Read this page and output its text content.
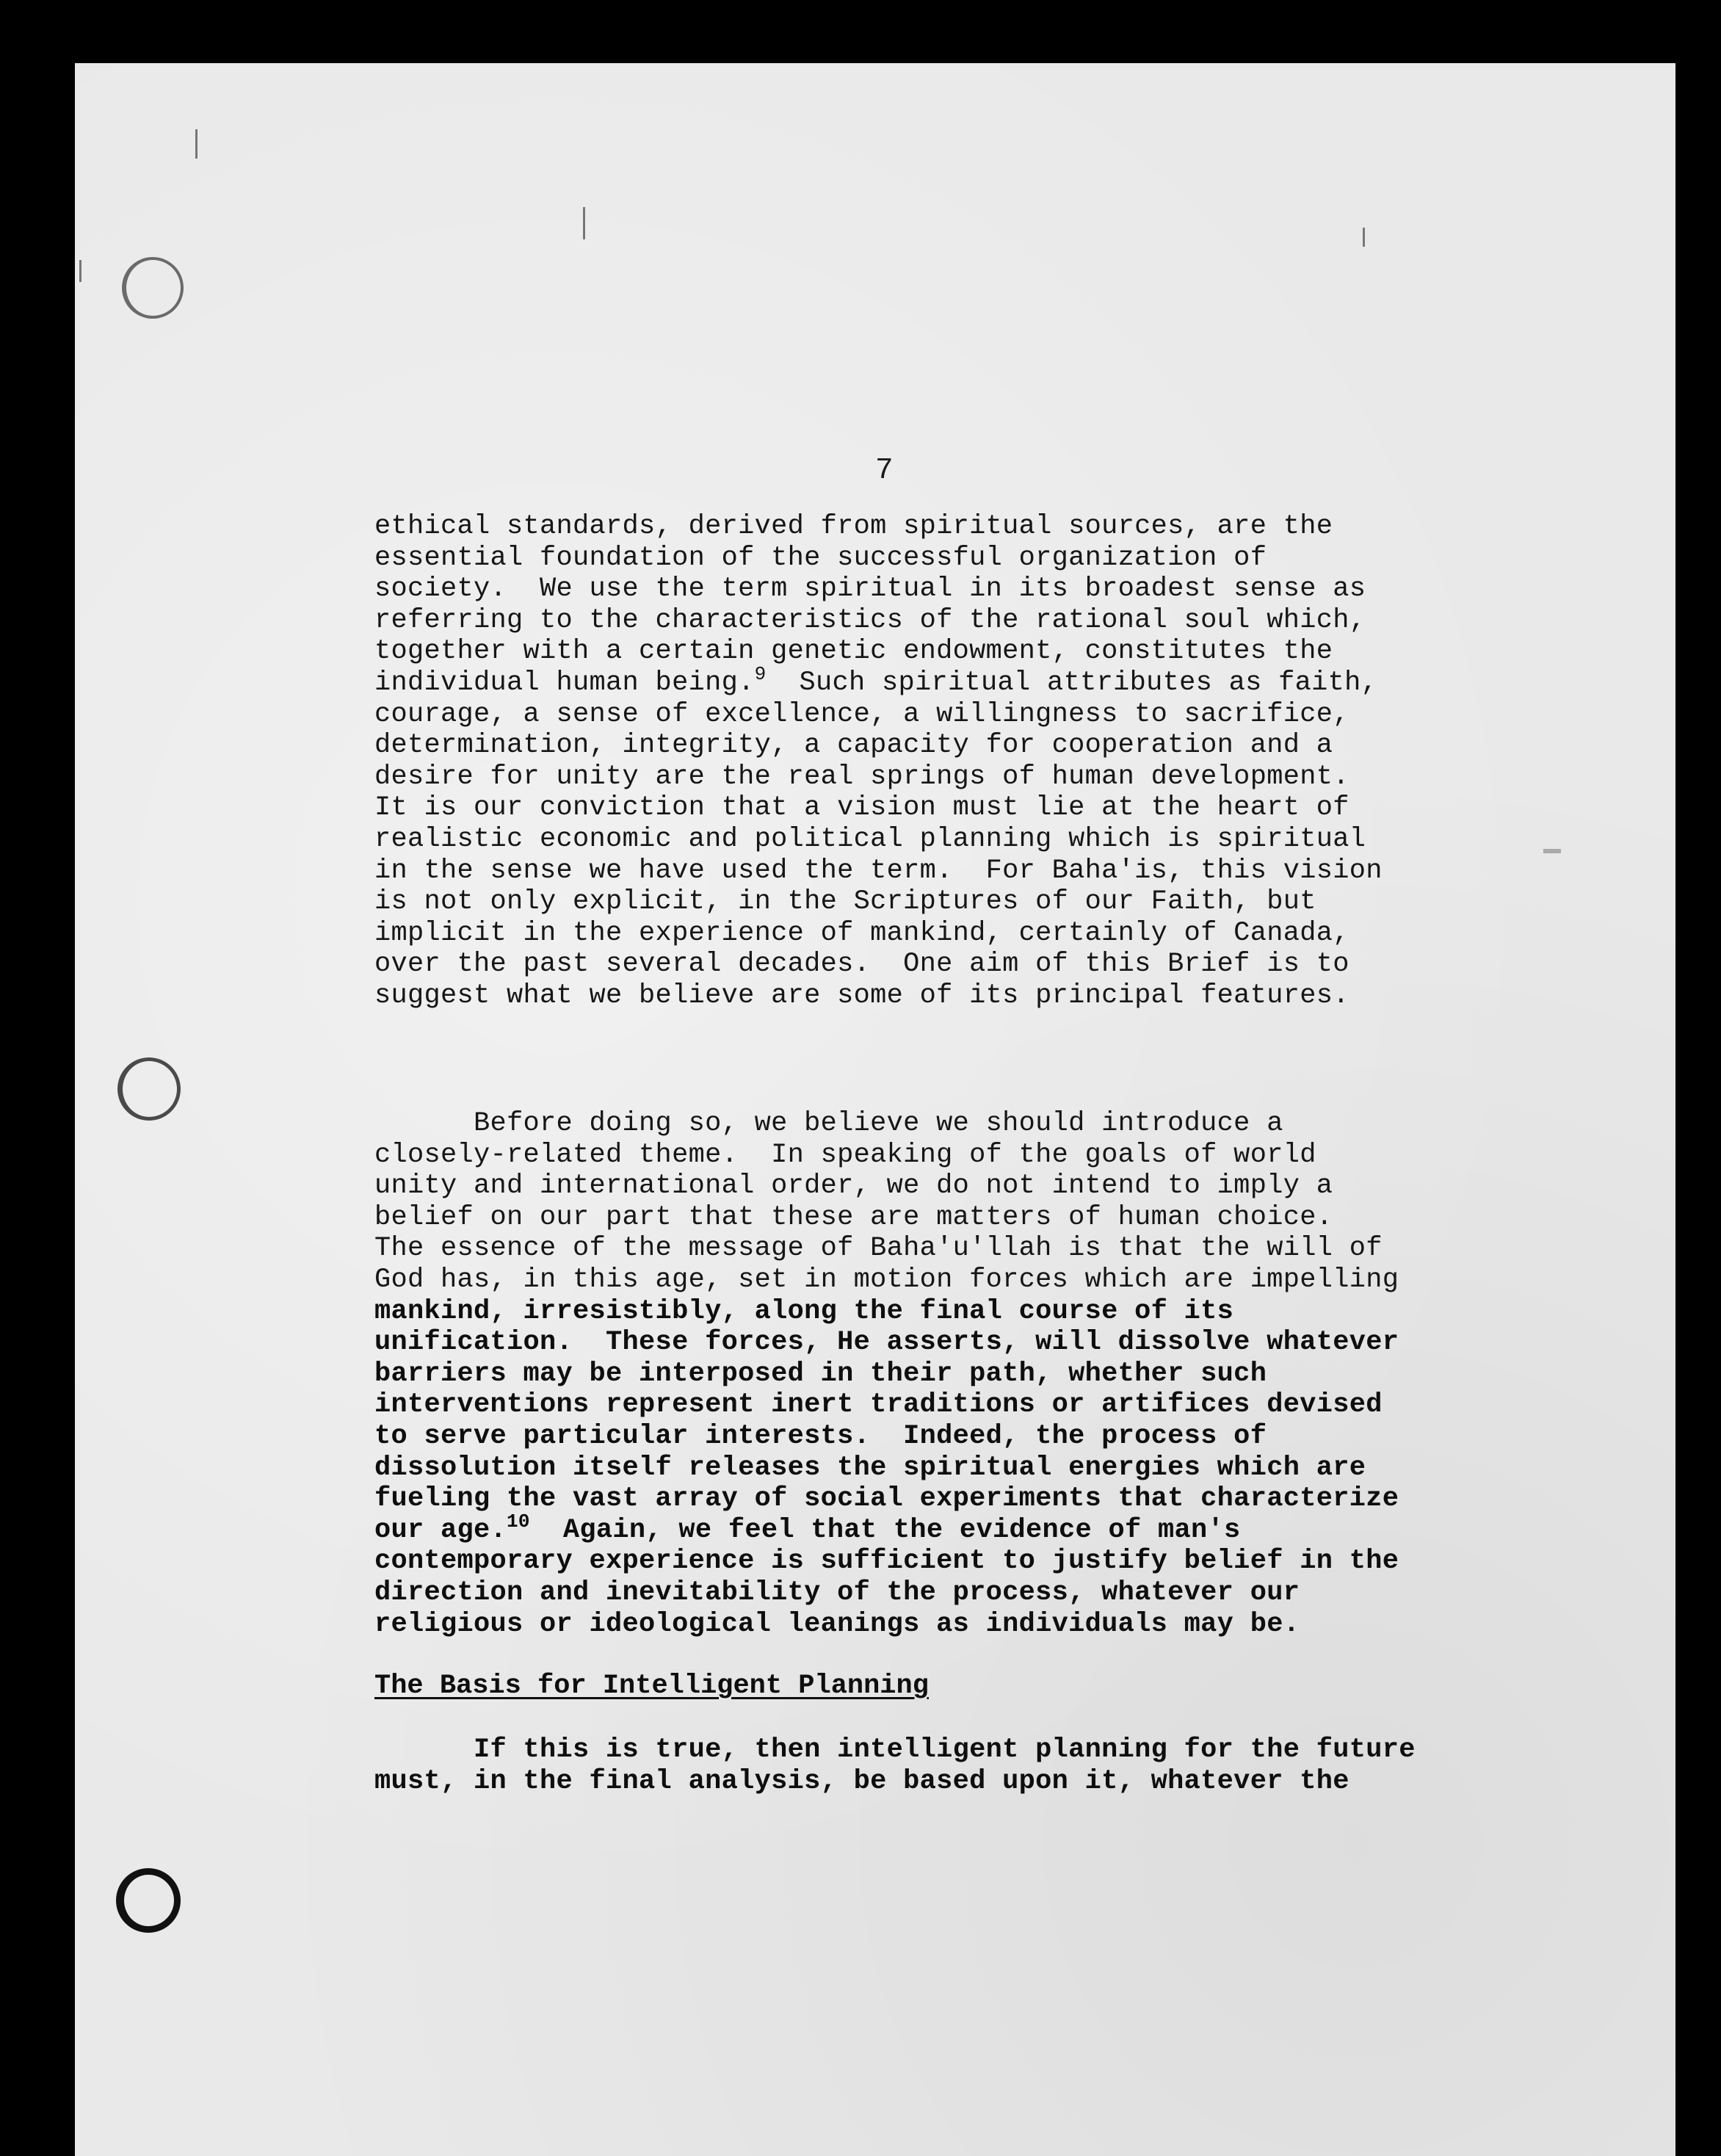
7
ethical standards, derived from spiritual sources, are the
essential foundation of the successful organization of
society.  We use the term spiritual in its broadest sense as
referring to the characteristics of the rational soul which,
together with a certain genetic endowment, constitutes the
individual human being.$^9$  Such spiritual attributes as faith,
courage, a sense of excellence, a willingness to sacrifice,
determination, integrity, a capacity for cooperation and a
desire for unity are the real springs of human development.
It is our conviction that a vision must lie at the heart of
realistic economic and political planning which is spiritual
in the sense we have used the term.  For Baha'is, this vision
is not only explicit, in the Scriptures of our Faith, but
implicit in the experience of mankind, certainly of Canada,
over the past several decades.  One aim of this Brief is to
suggest what we believe are some of its principal features.
Before doing so, we believe we should introduce a
closely-related theme.  In speaking of the goals of world
unity and international order, we do not intend to imply a
belief on our part that these are matters of human choice.
The essence of the message of Baha'u'llah is that the will of
God has, in this age, set in motion forces which are impelling
mankind, irresistibly, along the final course of its
unification.  These forces, He asserts, will dissolve whatever
barriers may be interposed in their path, whether such
interventions represent inert traditions or artifices devised
to serve particular interests.  Indeed, the process of
dissolution itself releases the spiritual energies which are
fueling the vast array of social experiments that characterize
our age.$^{10}$  Again, we feel that the evidence of man's
contemporary experience is sufficient to justify belief in the
direction and inevitability of the process, whatever our
religious or ideological leanings as individuals may be.
The Basis for Intelligent Planning
If this is true, then intelligent planning for the future
must, in the final analysis, be based upon it, whatever the
